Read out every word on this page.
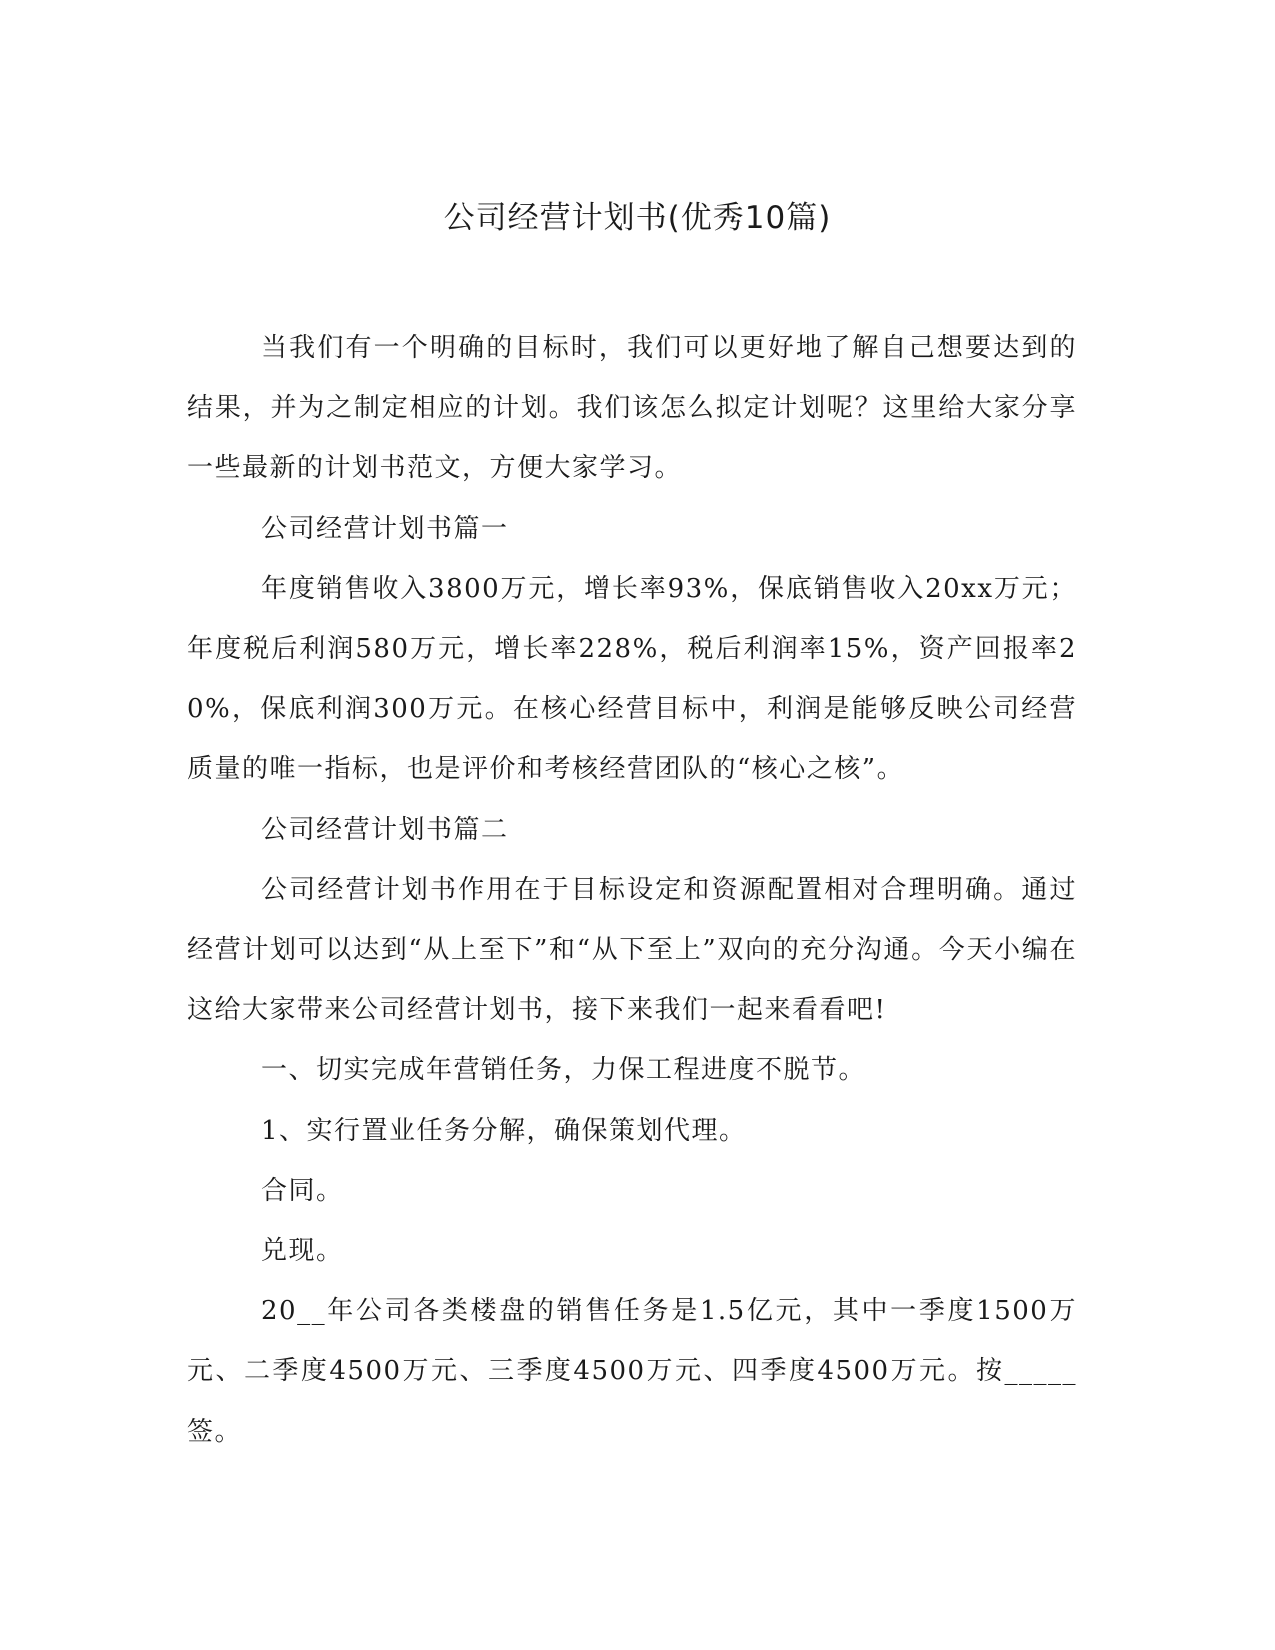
公司经营计划书(优秀10篇)

当我们有一个明确的目标时，我们可以更好地了解自己想要达到的结果，并为之制定相应的计划。我们该怎么拟定计划呢？这里给大家分享一些最新的计划书范文，方便大家学习。

公司经营计划书篇一

年度销售收入3800万元，增长率93%，保底销售收入20xx万元；年度税后利润580万元，增长率228%，税后利润率15%，资产回报率20%，保底利润300万元。在核心经营目标中，利润是能够反映公司经营质量的唯一指标，也是评价和考核经营团队的“核心之核”。

公司经营计划书篇二

公司经营计划书作用在于目标设定和资源配置相对合理明确。通过经营计划可以达到“从上至下”和“从下至上”双向的充分沟通。今天小编在这给大家带来公司经营计划书，接下来我们一起来看看吧!

一、切实完成年营销任务，力保工程进度不脱节。

1、实行置业任务分解，确保策划代理。

合同。

兑现。

20__年公司各类楼盘的销售任务是1.5亿元，其中一季度1500万元、二季度4500万元、三季度4500万元、四季度4500万元。按_____签。
